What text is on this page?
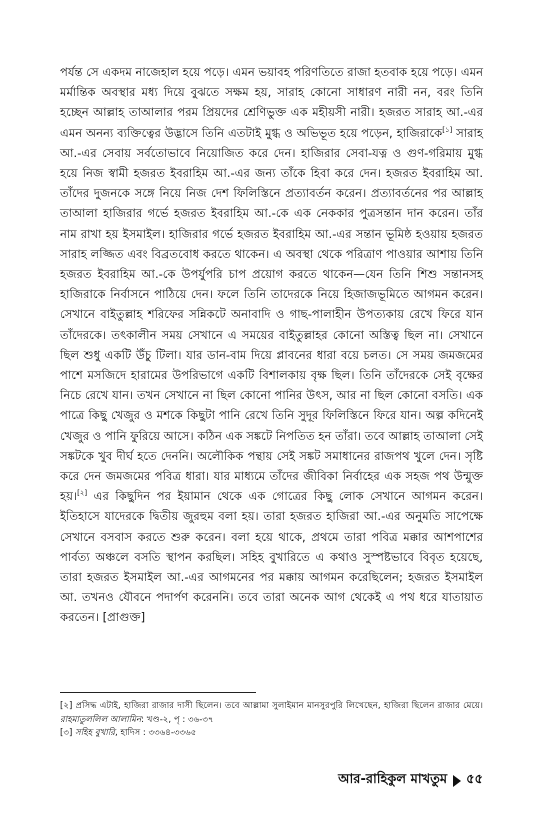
পর্যন্ত সে একদম নাজেহাল হয়ে পড়ে। এমন ভয়াবহ পরিণতিতে রাজা হতবাক হয়ে পড়ে। এমন মর্মান্তিক অবস্থার মধ্য দিয়ে বুঝতে সক্ষম হয়, সারাহ কোনো সাধারণ নারী নন, বরং তিনি হচ্ছেন আল্লাহ তাআলার পরম প্রিয়দের শ্রেণিভুক্ত এক মহীয়সী নারী। হজরত সারাহ আ.-এর এমন অনন্য ব্যক্তিত্বের উদ্ভাসে তিনি এতটাই মুগ্ধ ও অভিভূত হয়ে পড়েন, হাজিরাকে[১] সারাহ আ.-এর সেবায় সর্বতোভাবে নিয়োজিত করে দেন। হাজিরার সেবা-যত্ন ও গুণ-গরিমায় মুগ্ধ হয়ে নিজ স্বামী হজরত ইবরাহিম আ.-এর জন্য তাঁকে হিবা করে দেন। হজরত ইবরাহিম আ. তাঁদের দুজনকে সঙ্গে নিয়ে নিজ দেশ ফিলিস্তিনে প্রত্যাবর্তন করেন। প্রত্যাবর্তনের পর আল্লাহ তাআলা হাজিরার গর্ভে হজরত ইবরাহিম আ.-কে এক নেককার পুত্রসন্তান দান করেন। তাঁর নাম রাখা হয় ইসমাইল। হাজিরার গর্ভে হজরত ইবরাহিম আ.-এর সন্তান ভূমিষ্ঠ হওয়ায় হজরত সারাহ লজ্জিত এবং বিব্রতবোধ করতে থাকেন। এ অবস্থা থেকে পরিত্রাণ পাওয়ার আশায় তিনি হজরত ইবরাহিম আ.-কে উপর্যুপরি চাপ প্রয়োগ করতে থাকেন—যেন তিনি শিশু সন্তানসহ হাজিরাকে নির্বাসনে পাঠিয়ে দেন। ফলে তিনি তাদেরকে নিয়ে হিজাজভূমিতে আগমন করেন। সেখানে বাইতুল্লাহ শরিফের সন্নিকটে অনাবাদি ও গাছ-পালাহীন উপত্যকায় রেখে ফিরে যান তাঁদেরকে। তৎকালীন সময় সেখানে এ সময়ের বাইতুল্লাহর কোনো অস্তিত্ব ছিল না। সেখানে ছিল শুধু একটি উঁচু টিলা। যার ডান-বাম দিয়ে প্লাবনের ধারা বয়ে চলত। সে সময় জমজমের পাশে মসজিদে হারামের উপরিভাগে একটি বিশালকায় বৃক্ষ ছিল। তিনি তাঁদেরকে সেই বৃক্ষের নিচে রেখে যান। তখন সেখানে না ছিল কোনো পানির উৎস, আর না ছিল কোনো বসতি। এক পাত্রে কিছু খেজুর ও মশকে কিছুটা পানি রেখে তিনি সুদূর ফিলিস্তিনে ফিরে যান। অল্প কদিনেই খেজুর ও পানি ফুরিয়ে আসে। কঠিন এক সঙ্কটে নিপতিত হন তাঁরা। তবে আল্লাহ তাআলা সেই সঙ্কটকে খুব দীর্ঘ হতে দেননি। অলৌকিক পন্থায় সেই সঙ্কট সমাধানের রাজপথ খুলে দেন। সৃষ্টি করে দেন জমজমের পবিত্র ধারা। যার মাধ্যমে তাঁদের জীবিকা নির্বাহের এক সহজ পথ উন্মুক্ত হয়।[২] এর কিছুদিন পর ইয়ামান থেকে এক গোত্রের কিছু লোক সেখানে আগমন করেন। ইতিহাসে যাদেরকে দ্বিতীয় জুরহুম বলা হয়। তারা হজরত হাজিরা আ.-এর অনুমতি সাপেক্ষে সেখানে বসবাস করতে শুরু করেন। বলা হয়ে থাকে, প্রথমে তারা পবিত্র মক্কার আশপাশের পার্বত্য অঞ্চলে বসতি স্থাপন করছিল। সহিহ বুখারিতে এ কথাও সুস্পষ্টভাবে বিবৃত হয়েছে, তারা হজরত ইসমাইল আ.-এর আগমনের পর মক্কায় আগমন করেছিলেন; হজরত ইসমাইল আ. তখনও যৌবনে পদার্পণ করেননি। তবে তারা অনেক আগ থেকেই এ পথ ধরে যাতায়াত করতেন। [প্রাগুক্ত]

[২] প্রসিদ্ধ এটাই, হাজিরা রাজার দাসী ছিলেন। তবে আল্লামা সুলাইমান মানসুরপুরি লিখেছেন, হাজিরা ছিলেন রাজার মেয়ে। রাহমাতুললিল আলামিন: খণ্ড-২, পৃ : ৩৬-৩৭

[৩] সহিহ বুখারি, হাদিস : ৩৩৬৪-৩৩৬৫

আর-রাহিকুল মাখতুম ৫৫
